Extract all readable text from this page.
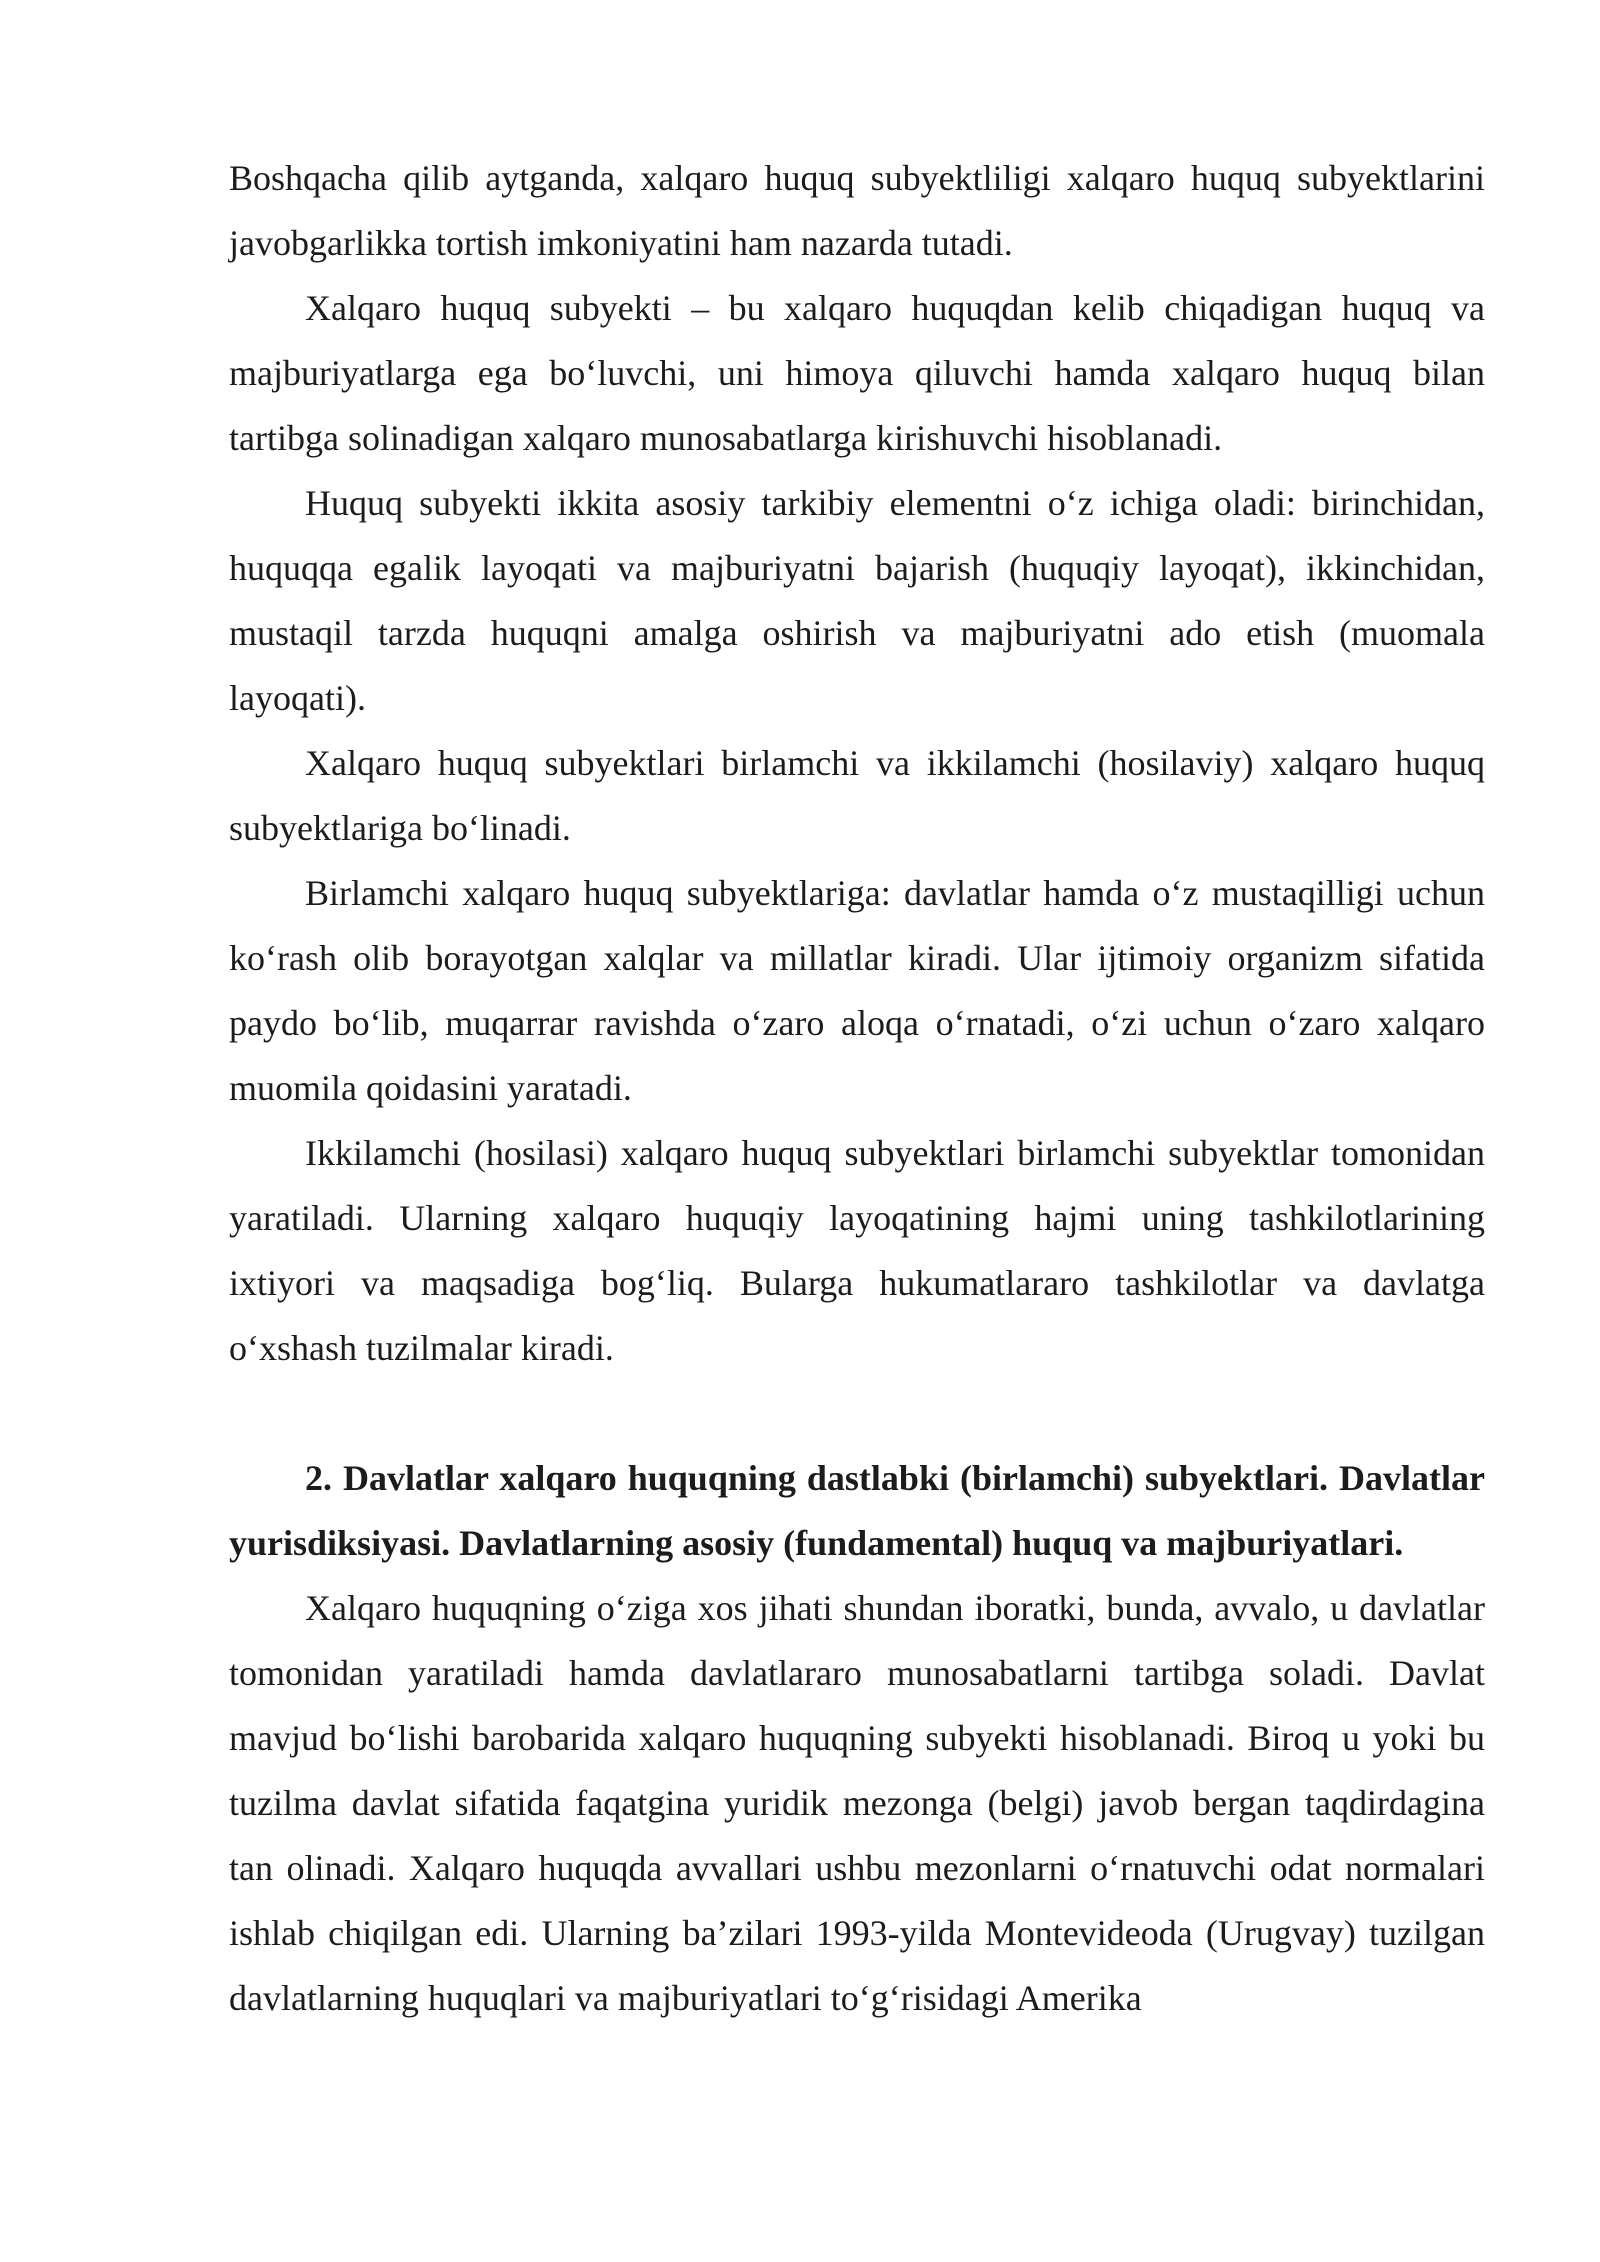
Boshqacha qilib aytganda, xalqaro huquq subyektliligi xalqaro huquq subyektlarini javobgarlikka tortish imkoniyatini ham nazarda tutadi.

Xalqaro huquq subyekti – bu xalqaro huquqdan kelib chiqadigan huquq va majburiyatlarga ega bo‘luvchi, uni himoya qiluvchi hamda xalqaro huquq bilan tartibga solinadigan xalqaro munosabatlarga kirishuvchi hisoblanadi.

Huquq subyekti ikkita asosiy tarkibiy elementni o‘z ichiga oladi: birinchidan, huquqqa egalik layoqati va majburiyatni bajarish (huquqiy layoqat), ikkinchidan, mustaqil tarzda huquqni amalga oshirish va majburiyatni ado etish (muomala layoqati).

Xalqaro huquq subyektlari birlamchi va ikkilamchi (hosilaviy) xalqaro huquq subyektlariga bo‘linadi.

Birlamchi xalqaro huquq subyektlariga: davlatlar hamda o‘z mustaqilligi uchun ko‘rash olib borayotgan xalqlar va millatlar kiradi. Ular ijtimoiy organizm sifatida paydo bo‘lib, muqarrar ravishda o‘zaro aloqa o‘rnatadi, o‘zi uchun o‘zaro xalqaro muomila qoidasini yaratadi.

Ikkilamchi (hosilasi) xalqaro huquq subyektlari birlamchi subyektlar tomonidan yaratiladi. Ularning xalqaro huquqiy layoqatining hajmi uning tashkilotlarining ixtiyori va maqsadiga bog‘liq. Bularga hukumatlararo tashkilotlar va davlatga o‘xshash tuzilmalar kiradi.

2. Davlatlar xalqaro huquqning dastlabki (birlamchi) subyektlari. Davlatlar yurisdiksiyasi. Davlatlarning asosiy (fundamental) huquq va majburiyatlari.

Xalqaro huquqning o‘ziga xos jihati shundan iboratki, bunda, avvalo, u davlatlar tomonidan yaratiladi hamda davlatlararo munosabatlarni tartibga soladi. Davlat mavjud bo‘lishi barobarida xalqaro huquqning subyekti hisoblanadi. Biroq u yoki bu tuzilma davlat sifatida faqatgina yuridik mezonga (belgi) javob bergan taqdirdagina tan olinadi. Xalqaro huquqda avvallari ushbu mezonlarni o‘rnatuvchi odat normalari ishlab chiqilgan edi. Ularning ba’zilari 1993-yilda Montevideoda (Urugvay) tuzilgan davlatlarning huquqlari va majburiyatlari to‘g‘risidagi Amerika
